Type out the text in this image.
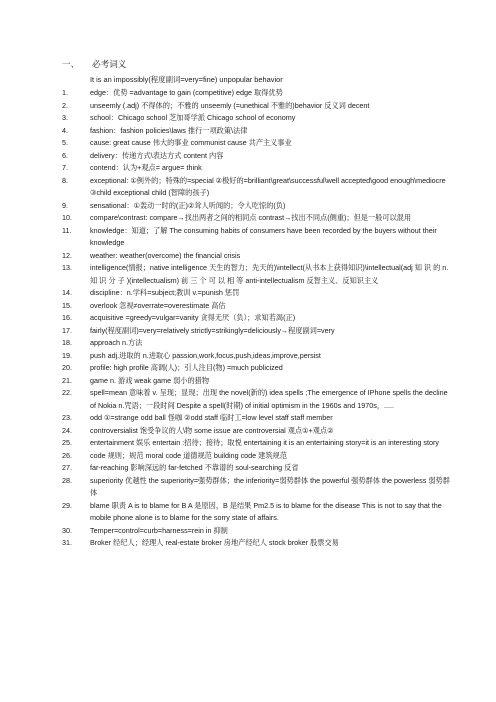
一、 必考词义
It is an impossibly(程度副词=very=fine) unpopular behavior
1.	edge：优势 =advantage to gain (competitive) edge 取得优势
2.	unseemly (.adj) 不得体的；不雅的 unseemly (=unethical 不雅的)behavior 反义词 decent
3.	school：Chicago school 芝加哥学派 Chicago school of economy
4.	fashion：fashion policies\laws 推行一项政策\法律
5.	cause: great cause 伟大的事业 communist cause 共产主义事业
6.	delivery：传递方式\表达方式 content 内容
7.	contend：认为+观点= argue= think
8.	exceptional: ①例外的；特殊的=special ②极好的=brilliant\great\successful\well accepted\good enough\mediocre ③child exceptional child (智障的孩子)
9.	sensational：①轰动一时的(正)②耸人听闻的；令人吃惊的(负)
10.	compare\contrast: compare→找出两者之间的相同点 contrast→找出不同点(侧重)；但是一般可以混用
11.	knowledge：知道；了解 The consuming habits of consumers have been recorded by the buyers without their knowledge
12.	weather: weather(overcome) the financial crisis
13.	intelligence(情报；native intelligence 天生的智力；先天的)\intellect(从书本上获得知识)\intellectual(adj 知 识 的 n. 知 识 分 子 )(intellectualism) 前 三 个 可 以 相 等 anti-intellectualism 反智主义、反知识主义
14.	discipline：n.学科=subject;教训 v.=punish 惩罚
15.	overlook 忽视≠overrate=overestimate 高估
16.	acquisitive =greedy=vulgar=vanity 贪得无厌（负）；求知若渴(正)
17.	fairly(程度副词)=very=relatively strictly=strikingly=deliciously→程度副词=very
18.	approach n.方法
19.	push adj.进取的 n.进取心 passion,work,focus,push,ideas,improve,persist
20.	profile: high profile 高调(人)；引人注目(物) =much publicized
21.	game n. 游戏 weak game 弱小的猎物
22.	spell=mean 意味着 v. 呈现；显现；出现 the novel(新的) idea spells ;The emergence of IPhone spells the decline of Nokia n.咒语；一段时间 Despite a spell(时期) of initial optimism in the 1960s and 1970s，.....
23.	odd ①=strange odd ball 怪咖 ②odd staff 临时工=low level staff staff member
24.	controversialist 饱受争议的人\物 some issue are controversial 观点①+观点②
25.	entertainment 娱乐 entertain :招待；接待；取悦 entertaining it is an entertaining story=it is an interesting story
26.	code 规则；规范 moral code 道德规范 building code 建筑规范
27.	far-reaching 影响深远的 far-fetched 不靠谱的 soul-searching 反省
28.	superiority 优越性 the superiority=强势群体；the inferiority=弱势群体 the powerful 强势群体 the powerless 弱势群体
29.	blame 职责 A is to blame for B A 是原因，B 是结果 Pm2.5 is to blame for the disease This is not to say that the mobile phone alone is to blame for the sorry state of affairs.
30.	Temper=control=curb=harness=rein in 抑制
31.	Broker 经纪人；经理人 real-estate broker 房地产经纪人 stock broker 股票交易
